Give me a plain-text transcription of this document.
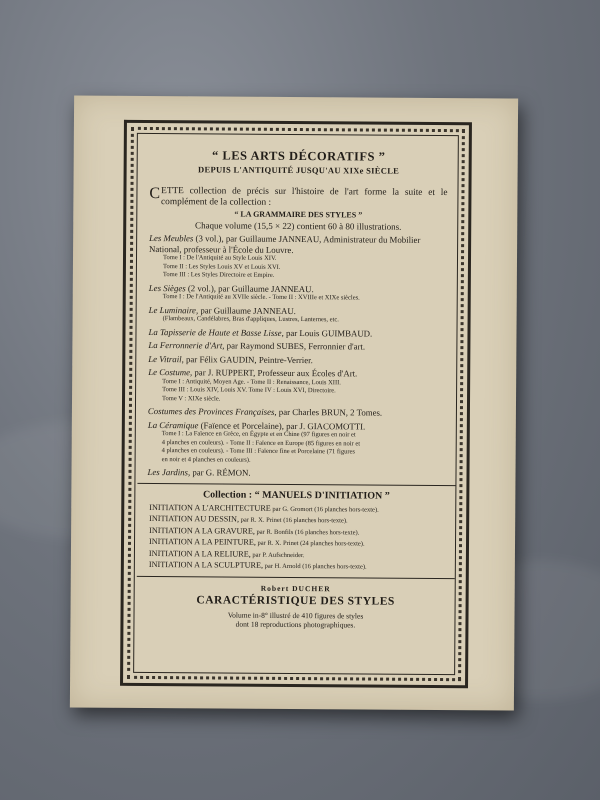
“ LES ARTS DÉCORATIFS ”
DEPUIS L'ANTIQUITÉ JUSQU'AU XIXe SIÈCLE
CETTE collection de précis sur l'histoire de l'art forme la suite et le complément de la collection :
“ LA GRAMMAIRE DES STYLES ”
Chaque volume (15,5 × 22) contient 60 à 80 illustrations.
Les Meubles (3 vol.), par Guillaume JANNEAU, Administrateur du Mobilier National, professeur à l'École du Louvre.
Tome I : De l'Antiquité au Style Louis XIV.
Tome II : Les Styles Louis XV et Louis XVI.
Tome III : Les Styles Directoire et Empire.
Les Sièges (2 vol.), par Guillaume JANNEAU.
Tome I : De l'Antiquité au XVIIe siècle. - Tome II : XVIIIe et XIXe siècles.
Le Luminaire, par Guillaume JANNEAU.
(Flambeaux, Candélabres, Bras d'appliques, Lustres, Lanternes, etc.
La Tapisserie de Haute et Basse Lisse, par Louis GUIMBAUD.
La Ferronnerie d'Art, par Raymond SUBES, Ferronnier d'art.
Le Vitrail, par Félix GAUDIN, Peintre-Verrier.
Le Costume, par J. RUPPERT, Professeur aux Écoles d'Art.
Tome I : Antiquité, Moyen Age. - Tome II : Renaissance, Louis XIII.
Tome III : Louis XIV, Louis XV. Tome IV : Louis XVI, Directoire.
Tome V : XIXe siècle.
Costumes des Provinces Françaises, par Charles BRUN, 2 Tomes.
La Céramique (Faïence et Porcelaine), par J. GIACOMOTTI.
Tome I : La Faïence en Grèce, en Égypte et en Chine (97 figures en noir et
4 planches en couleurs). - Tome II : Faïence en Europe (85 figures en noir et
4 planches en couleurs). - Tome III : Faïence fine et Porcelaine (71 figures
en noir et 4 planches en couleurs).
Les Jardins, par G. RÉMON.
Collection : “ MANUELS D'INITIATION ”
INITIATION A L'ARCHITECTURE par G. Gromort (16 planches hors-texte).
INITIATION AU DESSIN, par R. X. Prinet (16 planches hors-texte).
INITIATION A LA GRAVURE, par R. Bonfils (16 planches hors-texte).
INITIATION A LA PEINTURE, par R. X. Prinet (24 planches hors-texte).
INITIATION A LA RELIURE, par P. Aufschneider.
INITIATION A LA SCULPTURE, par H. Arnold (16 planches hors-texte).
Robert DUCHER
CARACTÉRISTIQUE DES STYLES
Volume in-8° illustré de 410 figures de styles
dont 18 reproductions photographiques.
